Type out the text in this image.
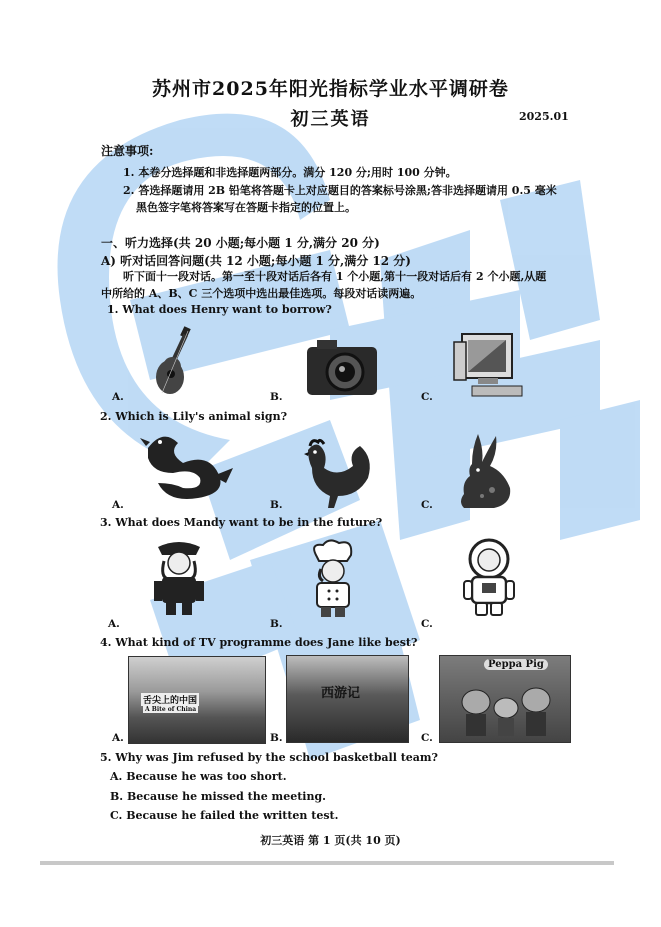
苏州市2025年阳光指标学业水平调研卷
初三英语	2025.01
注意事项:
1. 本卷分选择题和非选择题两部分。满分 120 分;用时 100 分钟。
2. 答选择题请用 2B 铅笔将答题卡上对应题目的答案标号涂黑;答非选择题请用 0.5 毫米
黑色签字笔将答案写在答题卡指定的位置上。
一、听力选择(共 20 小题;每小题 1 分,满分 20 分)
A) 听对话回答问题(共 12 小题;每小题 1 分,满分 12 分)
听下面十一段对话。第一至十段对话后各有 1 个小题,第十一段对话后有 2 个小题,从题
中所给的 A、B、C 三个选项中选出最佳选项。每段对话读两遍。
1. What does Henry want to borrow?
A.	B.	C.
2. Which is Lily's animal sign?
A.	B.	C.
3. What does Mandy want to be in the future?
A.	B.	C.
4. What kind of TV programme does Jane like best?
舌尖上的中国
A Bite of China
西游记
Peppa Pig
A.	B.	C.
5. Why was Jim refused by the school basketball team?
A. Because he was too short.
B. Because he missed the meeting.
C. Because he failed the written test.
初三英语 第 1 页(共 10 页)
